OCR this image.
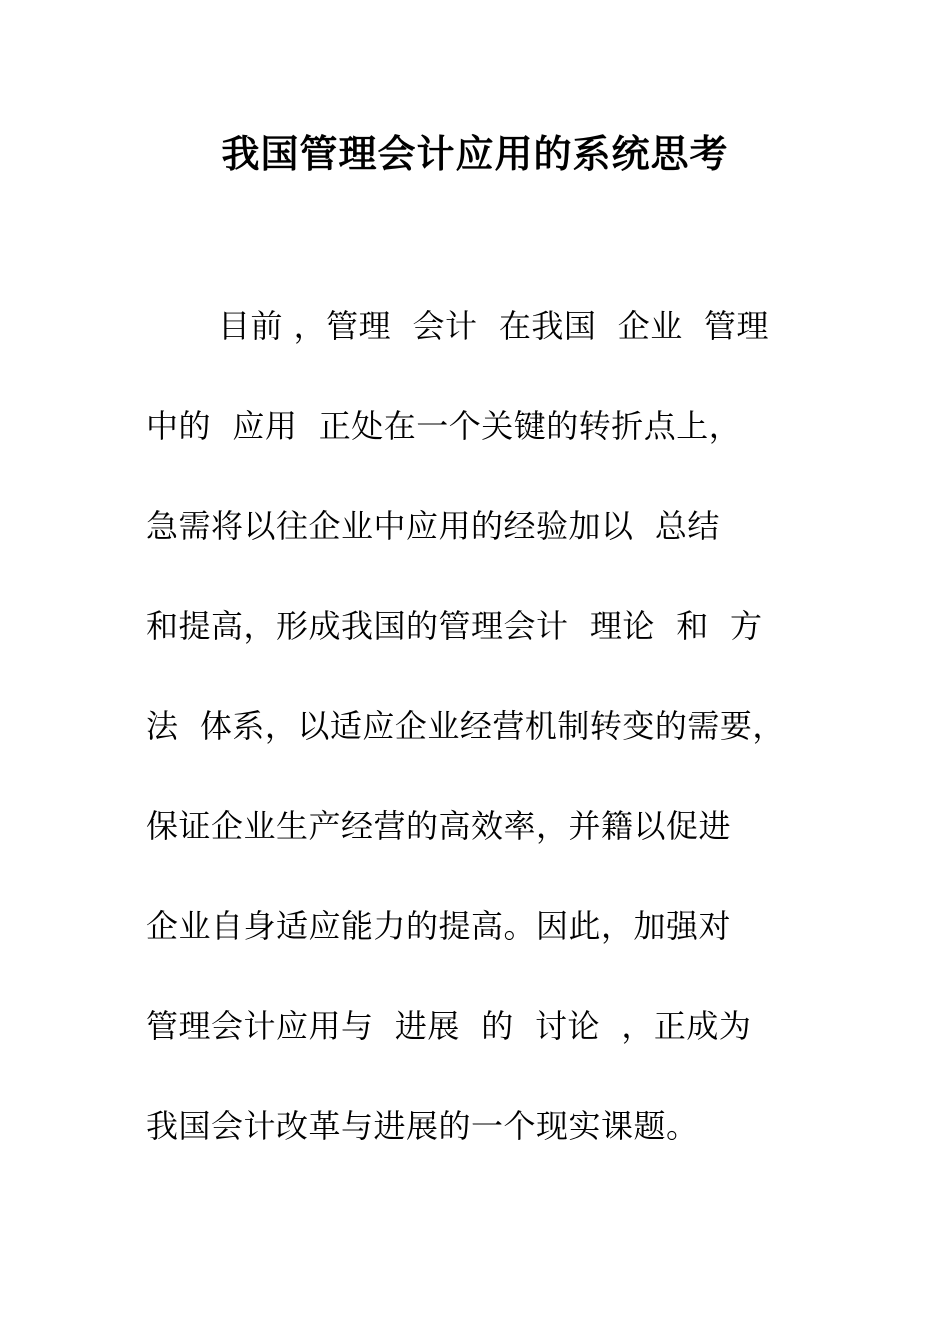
我国管理会计应用的系统思考
目前 ，管理  会计  在我国  企业  管理
中的  应用  正处在一个关键的转折点上，
急需将以往企业中应用的经验加以  总结
和提高，形成我国的管理会计  理论  和  方
法  体系，以适应企业经营机制转变的需要，
保证企业生产经营的高效率，并籍以促进
企业自身适应能力的提高。因此，加强对
管理会计应用与  进展  的  讨论  ，正成为
我国会计改革与进展的一个现实课题。
